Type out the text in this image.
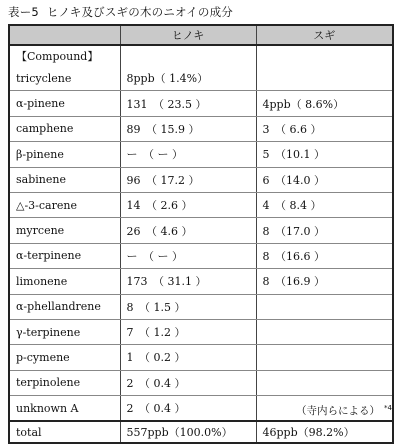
表ー5 ヒノキ及びスギの木のニオイの成分
	ヒノキ	スギ
【Compound】		
tricyclene	8ppb（ 1.4%）	
α-pinene	131　（ 23.5 ）	4ppb（ 8.6%）
camphene	89　（ 15.9 ）	3　（ 6.6 ）
β-pinene	ー　（ ー ）	5　（10.1 ）
sabinene	96　（ 17.2 ）	6　（14.0 ）
△-3-carene	14　（ 2.6 ）	4　（ 8.4 ）
myrcene	26　（ 4.6 ）	8　（17.0 ）
α-terpinene	ー　（ ー ）	8　（16.6 ）
limonene	173　（ 31.1 ）	8　（16.9 ）
α-phellandrene	8　（ 1.5 ）	
γ-terpinene	7　（ 1.2 ）	
p-cymene	1　（ 0.2 ）	
terpinolene	2　（ 0.4 ）	
unknown A	2　（ 0.4 ）	
total	557ppb（100.0%）	46ppb（98.2%）
（寺内らによる） $^{*4}$
